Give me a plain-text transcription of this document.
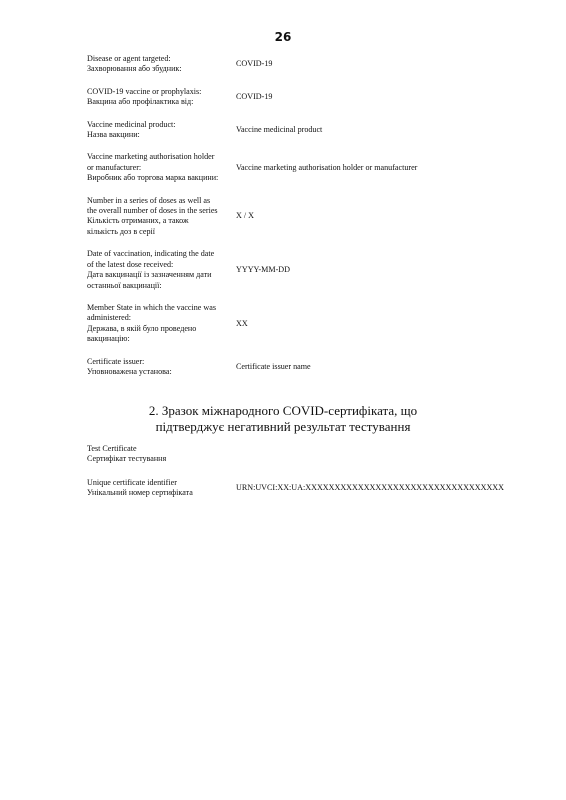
26
Disease or agent targeted:
Захворювання або збудник:
COVID-19
COVID-19 vaccine or prophylaxis:
Вакцина або профілактика від:
COVID-19
Vaccine medicinal product:
Назва вакцини:
Vaccine medicinal product
Vaccine marketing authorisation holder
or manufacturer:
Виробник або торгова марка вакцини:
Vaccine marketing authorisation holder or manufacturer
Number in a series of doses as well as
the overall number of doses in the series
Кількість отриманих, а також
кількість доз в серії
X / X
Date of vaccination, indicating the date
of the latest dose received:
Дата вакцинації із зазначенням дати
останньої вакцинації:
YYYY-MM-DD
Member State in which the vaccine was
administered:
Держава, в якій було проведено
вакцинацію:
XX
Certificate issuer:
Уповноважена установа:
Certificate issuer name
2. Зразок міжнародного COVID-сертифіката, що
підтверджує негативний результат тестування
Test Certificate
Сертифікат тестування
Unique certificate identifier
Унікальний номер сертифіката
URN:UVCI:XX:UA:XXXXXXXXXXXXXXXXXXXXXXXXXXXXXXXXXX
